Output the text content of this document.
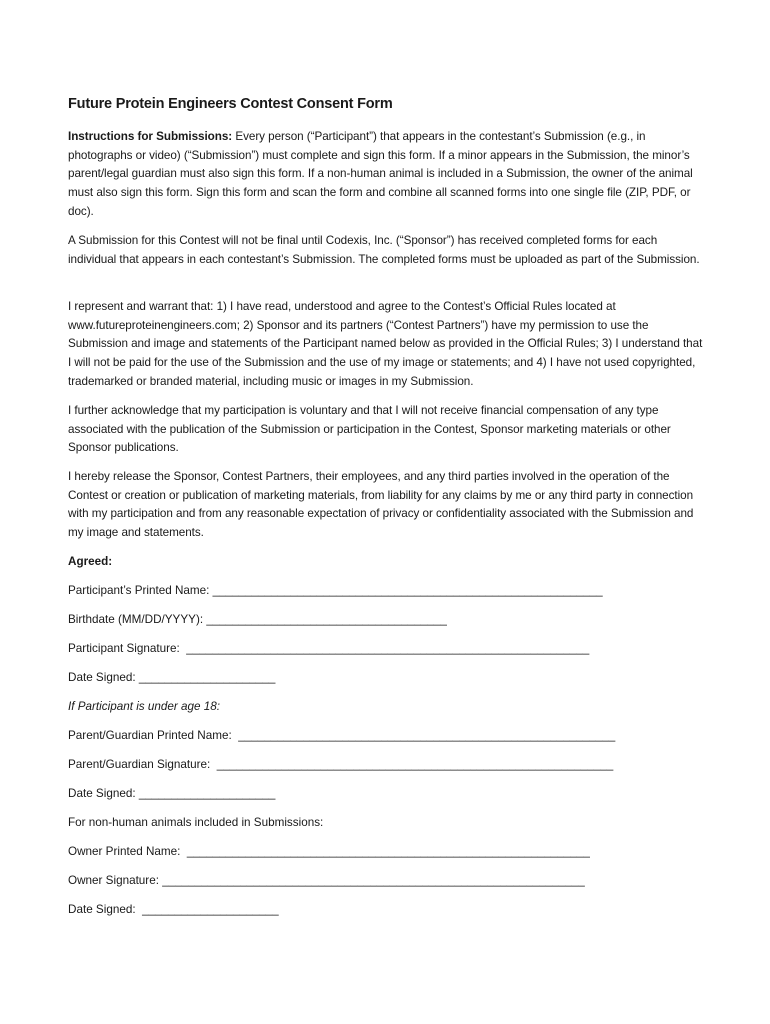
Future Protein Engineers Contest Consent Form
Instructions for Submissions: Every person (“Participant”) that appears in the contestant’s Submission (e.g., in photographs or video) (“Submission”) must complete and sign this form. If a minor appears in the Submission, the minor’s parent/legal guardian must also sign this form. If a non-human animal is included in a Submission, the owner of the animal must also sign this form. Sign this form and scan the form and combine all scanned forms into one single file (ZIP, PDF, or doc).
A Submission for this Contest will not be final until Codexis, Inc. (“Sponsor”) has received completed forms for each individual that appears in each contestant’s Submission. The completed forms must be uploaded as part of the Submission.
I represent and warrant that: 1) I have read, understood and agree to the Contest’s Official Rules located at www.futureproteinengineers.com; 2) Sponsor and its partners (“Contest Partners”) have my permission to use the Submission and image and statements of the Participant named below as provided in the Official Rules; 3) I understand that I will not be paid for the use of the Submission and the use of my image or statements; and 4) I have not used copyrighted, trademarked or branded material, including music or images in my Submission.
I further acknowledge that my participation is voluntary and that I will not receive financial compensation of any type associated with the publication of the Submission or participation in the Contest, Sponsor marketing materials or other Sponsor publications.
I hereby release the Sponsor, Contest Partners, their employees, and any third parties involved in the operation of the Contest or creation or publication of marketing materials, from liability for any claims by me or any third party in connection with my participation and from any reasonable expectation of privacy or confidentiality associated with the Submission and my image and statements.
Agreed:
Participant’s Printed Name: ____________________________________________________________
Birthdate (MM/DD/YYYY): _____________________________________
Participant Signature:  ______________________________________________________________
Date Signed: _____________________
If Participant is under age 18:
Parent/Guardian Printed Name:  __________________________________________________________
Parent/Guardian Signature:  _____________________________________________________________
Date Signed: _____________________
For non-human animals included in Submissions:
Owner Printed Name:  ______________________________________________________________
Owner Signature: _________________________________________________________________
Date Signed:  _____________________
